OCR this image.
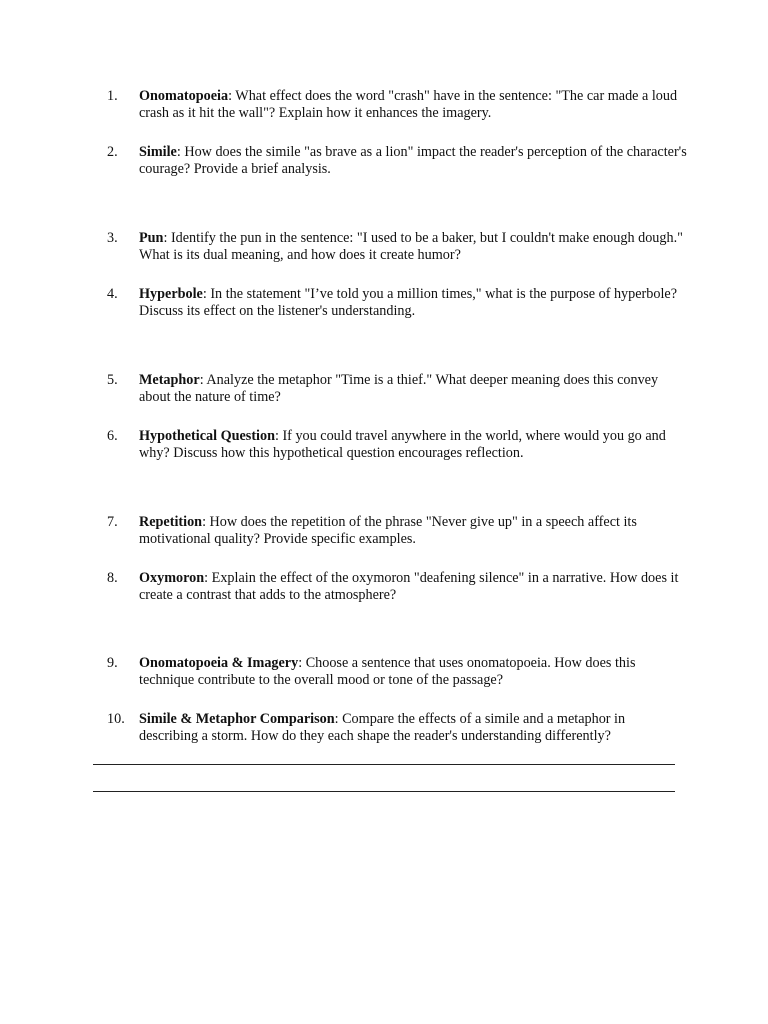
1.	Onomatopoeia: What effect does the word "crash" have in the sentence: "The car made a loud crash as it hit the wall"? Explain how it enhances the imagery.
2.	Simile: How does the simile "as brave as a lion" impact the reader's perception of the character's courage? Provide a brief analysis.
3.	Pun: Identify the pun in the sentence: "I used to be a baker, but I couldn't make enough dough." What is its dual meaning, and how does it create humor?
4.	Hyperbole: In the statement "I’ve told you a million times," what is the purpose of hyperbole? Discuss its effect on the listener's understanding.
5.	Metaphor: Analyze the metaphor "Time is a thief." What deeper meaning does this convey about the nature of time?
6.	Hypothetical Question: If you could travel anywhere in the world, where would you go and why? Discuss how this hypothetical question encourages reflection.
7.	Repetition: How does the repetition of the phrase "Never give up" in a speech affect its motivational quality? Provide specific examples.
8.	Oxymoron: Explain the effect of the oxymoron "deafening silence" in a narrative. How does it create a contrast that adds to the atmosphere?
9.	Onomatopoeia & Imagery: Choose a sentence that uses onomatopoeia. How does this technique contribute to the overall mood or tone of the passage?
10.	Simile & Metaphor Comparison: Compare the effects of a simile and a metaphor in describing a storm. How do they each shape the reader's understanding differently?
